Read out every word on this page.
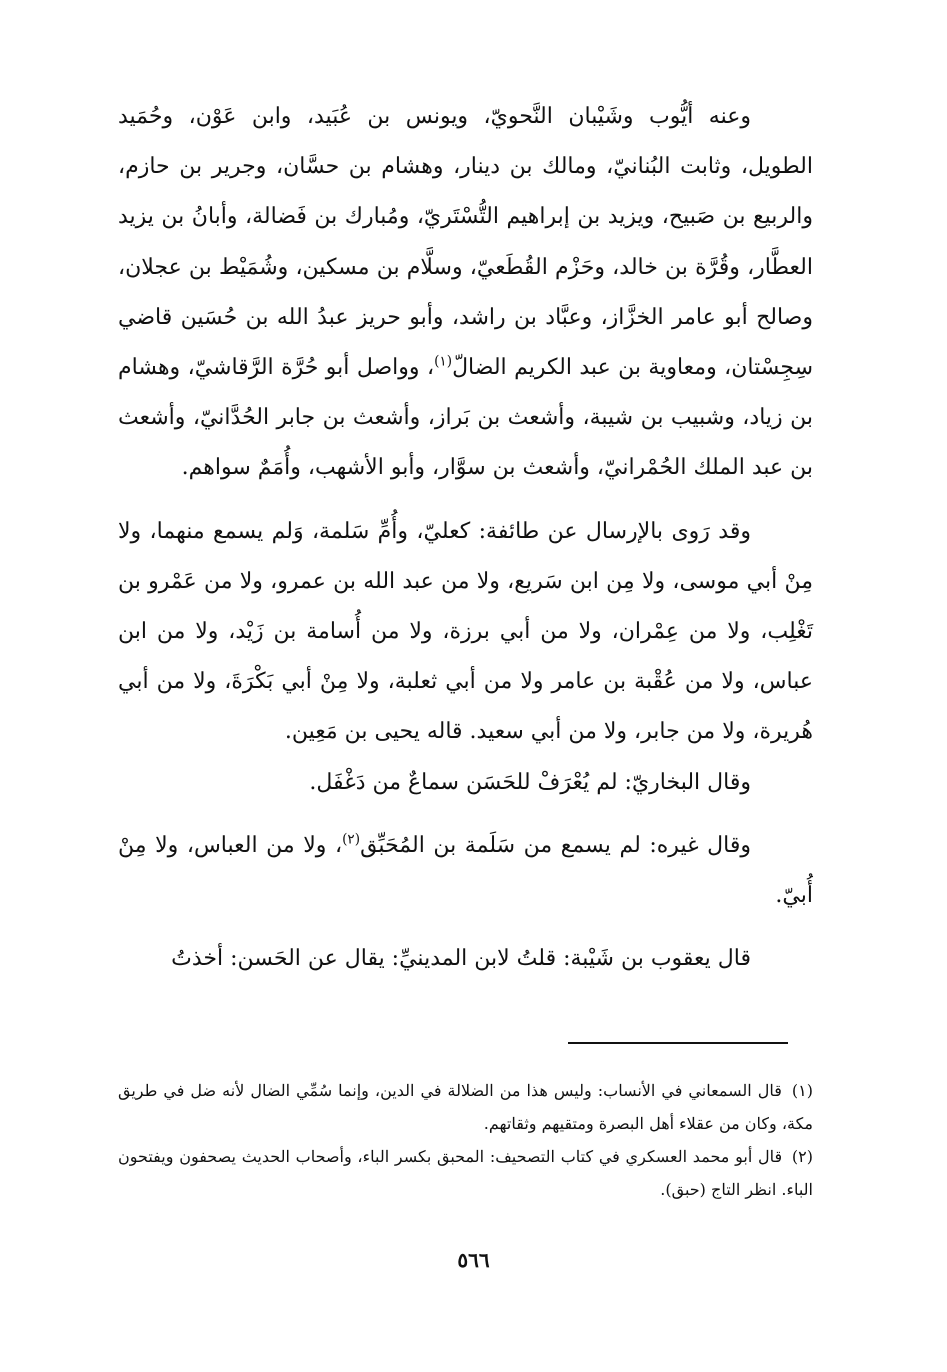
وعنه أيُّوب وشَيْبان النَّحويّ، ويونس بن عُبَيد، وابن عَوْن، وحُمَيد الطويل، وثابت البُنانيّ، ومالك بن دينار، وهشام بن حسَّان، وجرير بن حازم، والربيع بن صَبيح، ويزيد بن إبراهيم التُّسْتَريّ، ومُبارك بن فَضالة، وأبانُ بن يزيد العطَّار، وقُرَّة بن خالد، وحَزْم القُطَعيّ، وسلَّام بن مسكين، وشُمَيْط بن عجلان، وصالح أبو عامر الخزَّاز، وعبَّاد بن راشد، وأبو حريز عبدُ الله بن حُسَين قاضي سِجِسْتان، ومعاوية بن عبد الكريم الضالّ$^{(١)}$، وواصل أبو حُرَّة الرَّقاشيّ، وهشام بن زياد، وشبيب بن شيبة، وأشعث بن بَراز، وأشعث بن جابر الحُدَّانيّ، وأشعث بن عبد الملك الحُمْرانيّ، وأشعث بن سوَّار، وأبو الأشهب، وأُمَمٌ سواهم.

وقد رَوى بالإرسال عن طائفة: كعليّ، وأُمِّ سَلمة، وَلم يسمع منهما، ولا مِنْ أبي موسى، ولا مِن ابن سَريع، ولا من عبد الله بن عمرو، ولا من عَمْرو بن تَغْلِب، ولا من عِمْران، ولا من أبي برزة، ولا من أُسامة بن زَيْد، ولا من ابن عباس، ولا من عُقْبة بن عامر ولا من أبي ثعلبة، ولا مِنْ أبي بَكْرَةَ، ولا من أبي هُريرة، ولا من جابر، ولا من أبي سعيد. قاله يحيى بن مَعِين.

وقال البخاريّ: لم يُعْرَفْ للحَسَن سماعٌ من دَغْفَل.

وقال غيره: لم يسمع من سَلَمة بن المُحَبِّق$^{(٢)}$، ولا من العباس، ولا مِنْ أُبيّ.

قال يعقوب بن شَيْبة: قلتُ لابن المدينيِّ: يقال عن الحَسن: أخذتُ

(١) قال السمعاني في الأنساب: وليس هذا من الضلالة في الدين، وإنما سُمِّي الضال لأنه ضل في طريق مكة، وكان من عقلاء أهل البصرة ومتقيهم وثقاتهم.

(٢) قال أبو محمد العسكري في كتاب التصحيف: المحبق بكسر الباء، وأصحاب الحديث يصحفون ويفتحون الباء. انظر التاج (حبق).

٥٦٦
